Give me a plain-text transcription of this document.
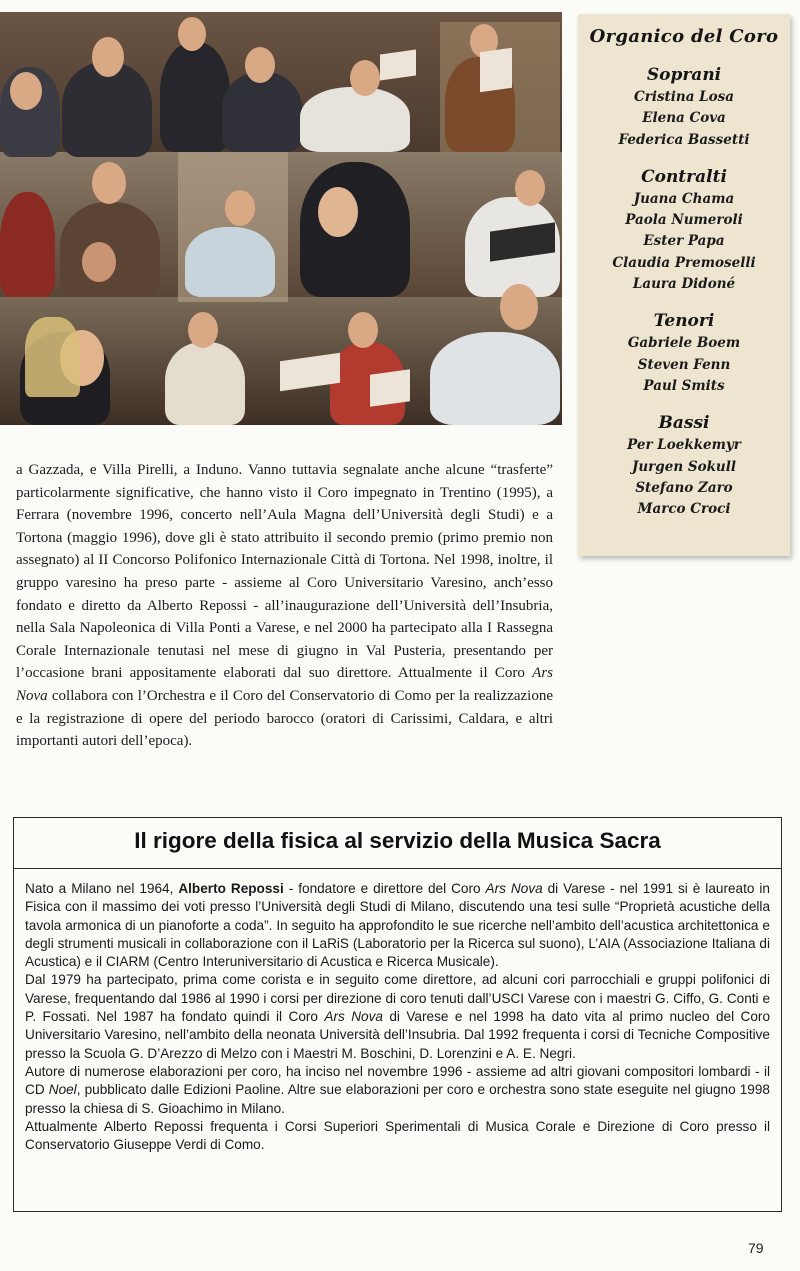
Organico del Coro
Soprani
Cristina Losa
Elena Cova
Federica Bassetti
Contralti
Juana Chama
Paola Numeroli
Ester Papa
Claudia Premoselli
Laura Didoné
Tenori
Gabriele Boem
Steven Fenn
Paul Smits
Bassi
Per Loekkemyr
Jurgen Sokull
Stefano Zaro
Marco Croci

a Gazzada, e Villa Pirelli, a Induno. Vanno tuttavia segnalate anche alcune “trasferte” particolarmente significative, che hanno visto il Coro impegnato in Trentino (1995), a Ferrara (novembre 1996, concerto nell’Aula Magna dell’Università degli Studi) e a Tortona (maggio 1996), dove gli è stato attribuito il secondo premio (primo premio non assegnato) al II Concorso Polifonico Internazionale Città di Tortona. Nel 1998, inoltre, il gruppo varesino ha preso parte - assieme al Coro Universitario Varesino, anch’esso fondato e diretto da Alberto Repossi - all’inaugurazione dell’Università dell’Insubria, nella Sala Napoleonica di Villa Ponti a Varese, e nel 2000 ha partecipato alla I Rassegna Corale Internazionale tenutasi nel mese di giugno in Val Pusteria, presentando per l’occasione brani appositamente elaborati dal suo direttore. Attualmente il Coro Ars Nova collabora con l’Orchestra e il Coro del Conservatorio di Como per la realizzazione e la registrazione di opere del periodo barocco (oratori di Carissimi, Caldara, e altri importanti autori dell’epoca).

Il rigore della fisica al servizio della Musica Sacra

Nato a Milano nel 1964, Alberto Repossi - fondatore e direttore del Coro Ars Nova di Varese - nel 1991 si è laureato in Fisica con il massimo dei voti presso l’Università degli Studi di Milano, discutendo una tesi sulle “Proprietà acustiche della tavola armonica di un pianoforte a coda”. In seguito ha approfondito le sue ricerche nell’ambito dell’acustica architettonica e degli strumenti musicali in collaborazione con il LaRiS (Laboratorio per la Ricerca sul suono), L’AIA (Associazione Italiana di Acustica) e il CIARM (Centro Interuniversitario di Acustica e Ricerca Musicale).

Dal 1979 ha partecipato, prima come corista e in seguito come direttore, ad alcuni cori parrocchiali e gruppi polifonici di Varese, frequentando dal 1986 al 1990 i corsi per direzione di coro tenuti dall’USCI Varese con i maestri G. Ciffo, G. Conti e P. Fossati. Nel 1987 ha fondato quindi il Coro Ars Nova di Varese e nel 1998 ha dato vita al primo nucleo del Coro Universitario Varesino, nell’ambito della neonata Università dell’Insubria. Dal 1992 frequenta i corsi di Tecniche Compositive presso la Scuola G. D’Arezzo di Melzo con i Maestri M. Boschini, D. Lorenzini e A. E. Negri.

Autore di numerose elaborazioni per coro, ha inciso nel novembre 1996 - assieme ad altri giovani compositori lombardi - il CD Noel, pubblicato dalle Edizioni Paoline. Altre sue elaborazioni per coro e orchestra sono state eseguite nel giugno 1998 presso la chiesa di S. Gioachimo in Milano.

Attualmente Alberto Repossi frequenta i Corsi Superiori Sperimentali di Musica Corale e Direzione di Coro presso il Conservatorio Giuseppe Verdi di Como.

79
